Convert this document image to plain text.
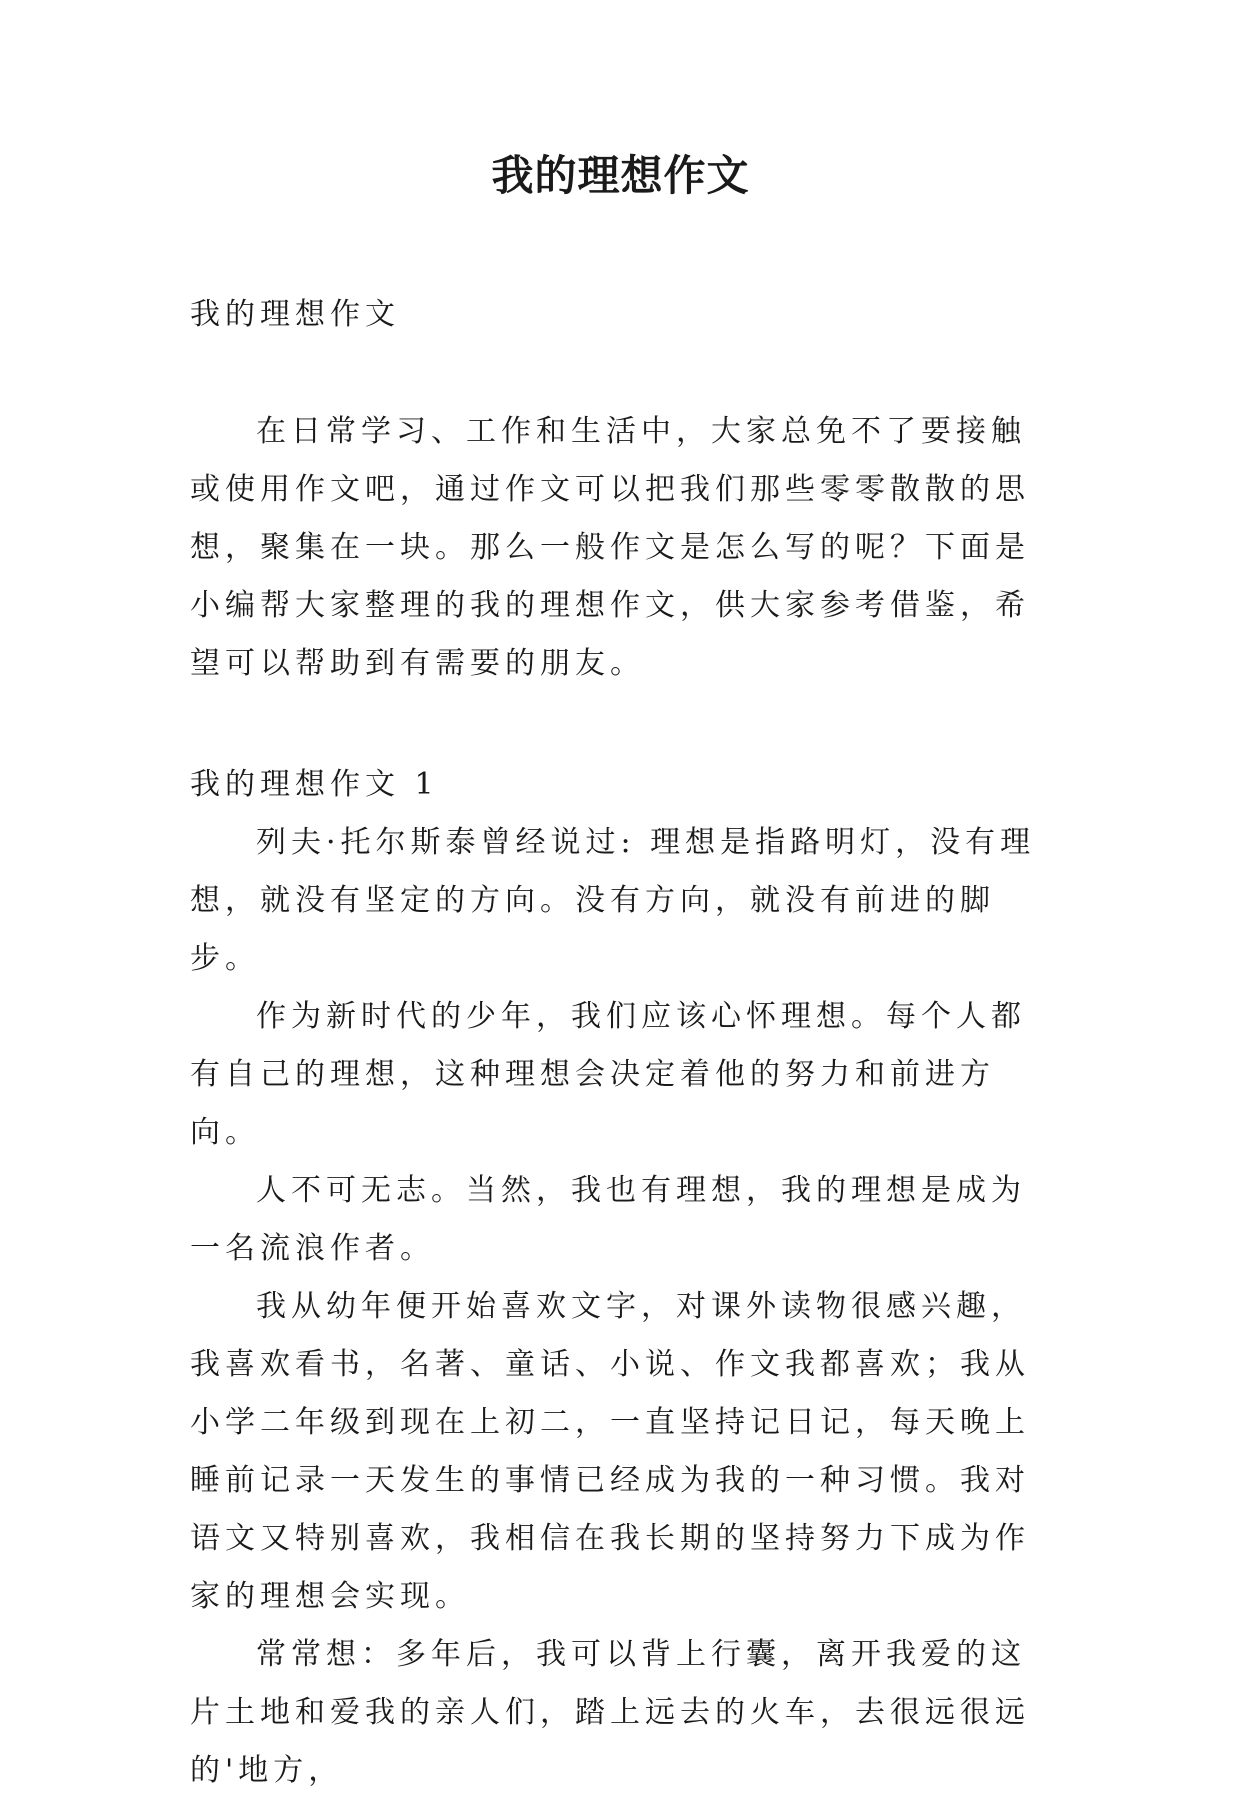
我的理想作文

我的理想作文

在日常学习、工作和生活中，大家总免不了要接触或使用作文吧，通过作文可以把我们那些零零散散的思想，聚集在一块。那么一般作文是怎么写的呢？下面是小编帮大家整理的我的理想作文，供大家参考借鉴，希望可以帮助到有需要的朋友。

我的理想作文 1

列夫·托尔斯泰曾经说过: 理想是指路明灯，没有理想，就没有坚定的方向。没有方向，就没有前进的脚步。

作为新时代的少年，我们应该心怀理想。每个人都有自己的理想，这种理想会决定着他的努力和前进方向。

人不可无志。当然，我也有理想，我的理想是成为一名流浪作者。

我从幼年便开始喜欢文字，对课外读物很感兴趣，我喜欢看书，名著、童话、小说、作文我都喜欢；我从小学二年级到现在上初二，一直坚持记日记，每天晚上睡前记录一天发生的事情已经成为我的一种习惯。我对语文又特别喜欢，我相信在我长期的坚持努力下成为作家的理想会实现。

常常想：多年后，我可以背上行囊，离开我爱的这片土地和爱我的亲人们，踏上远去的火车，去很远很远的'地方，
